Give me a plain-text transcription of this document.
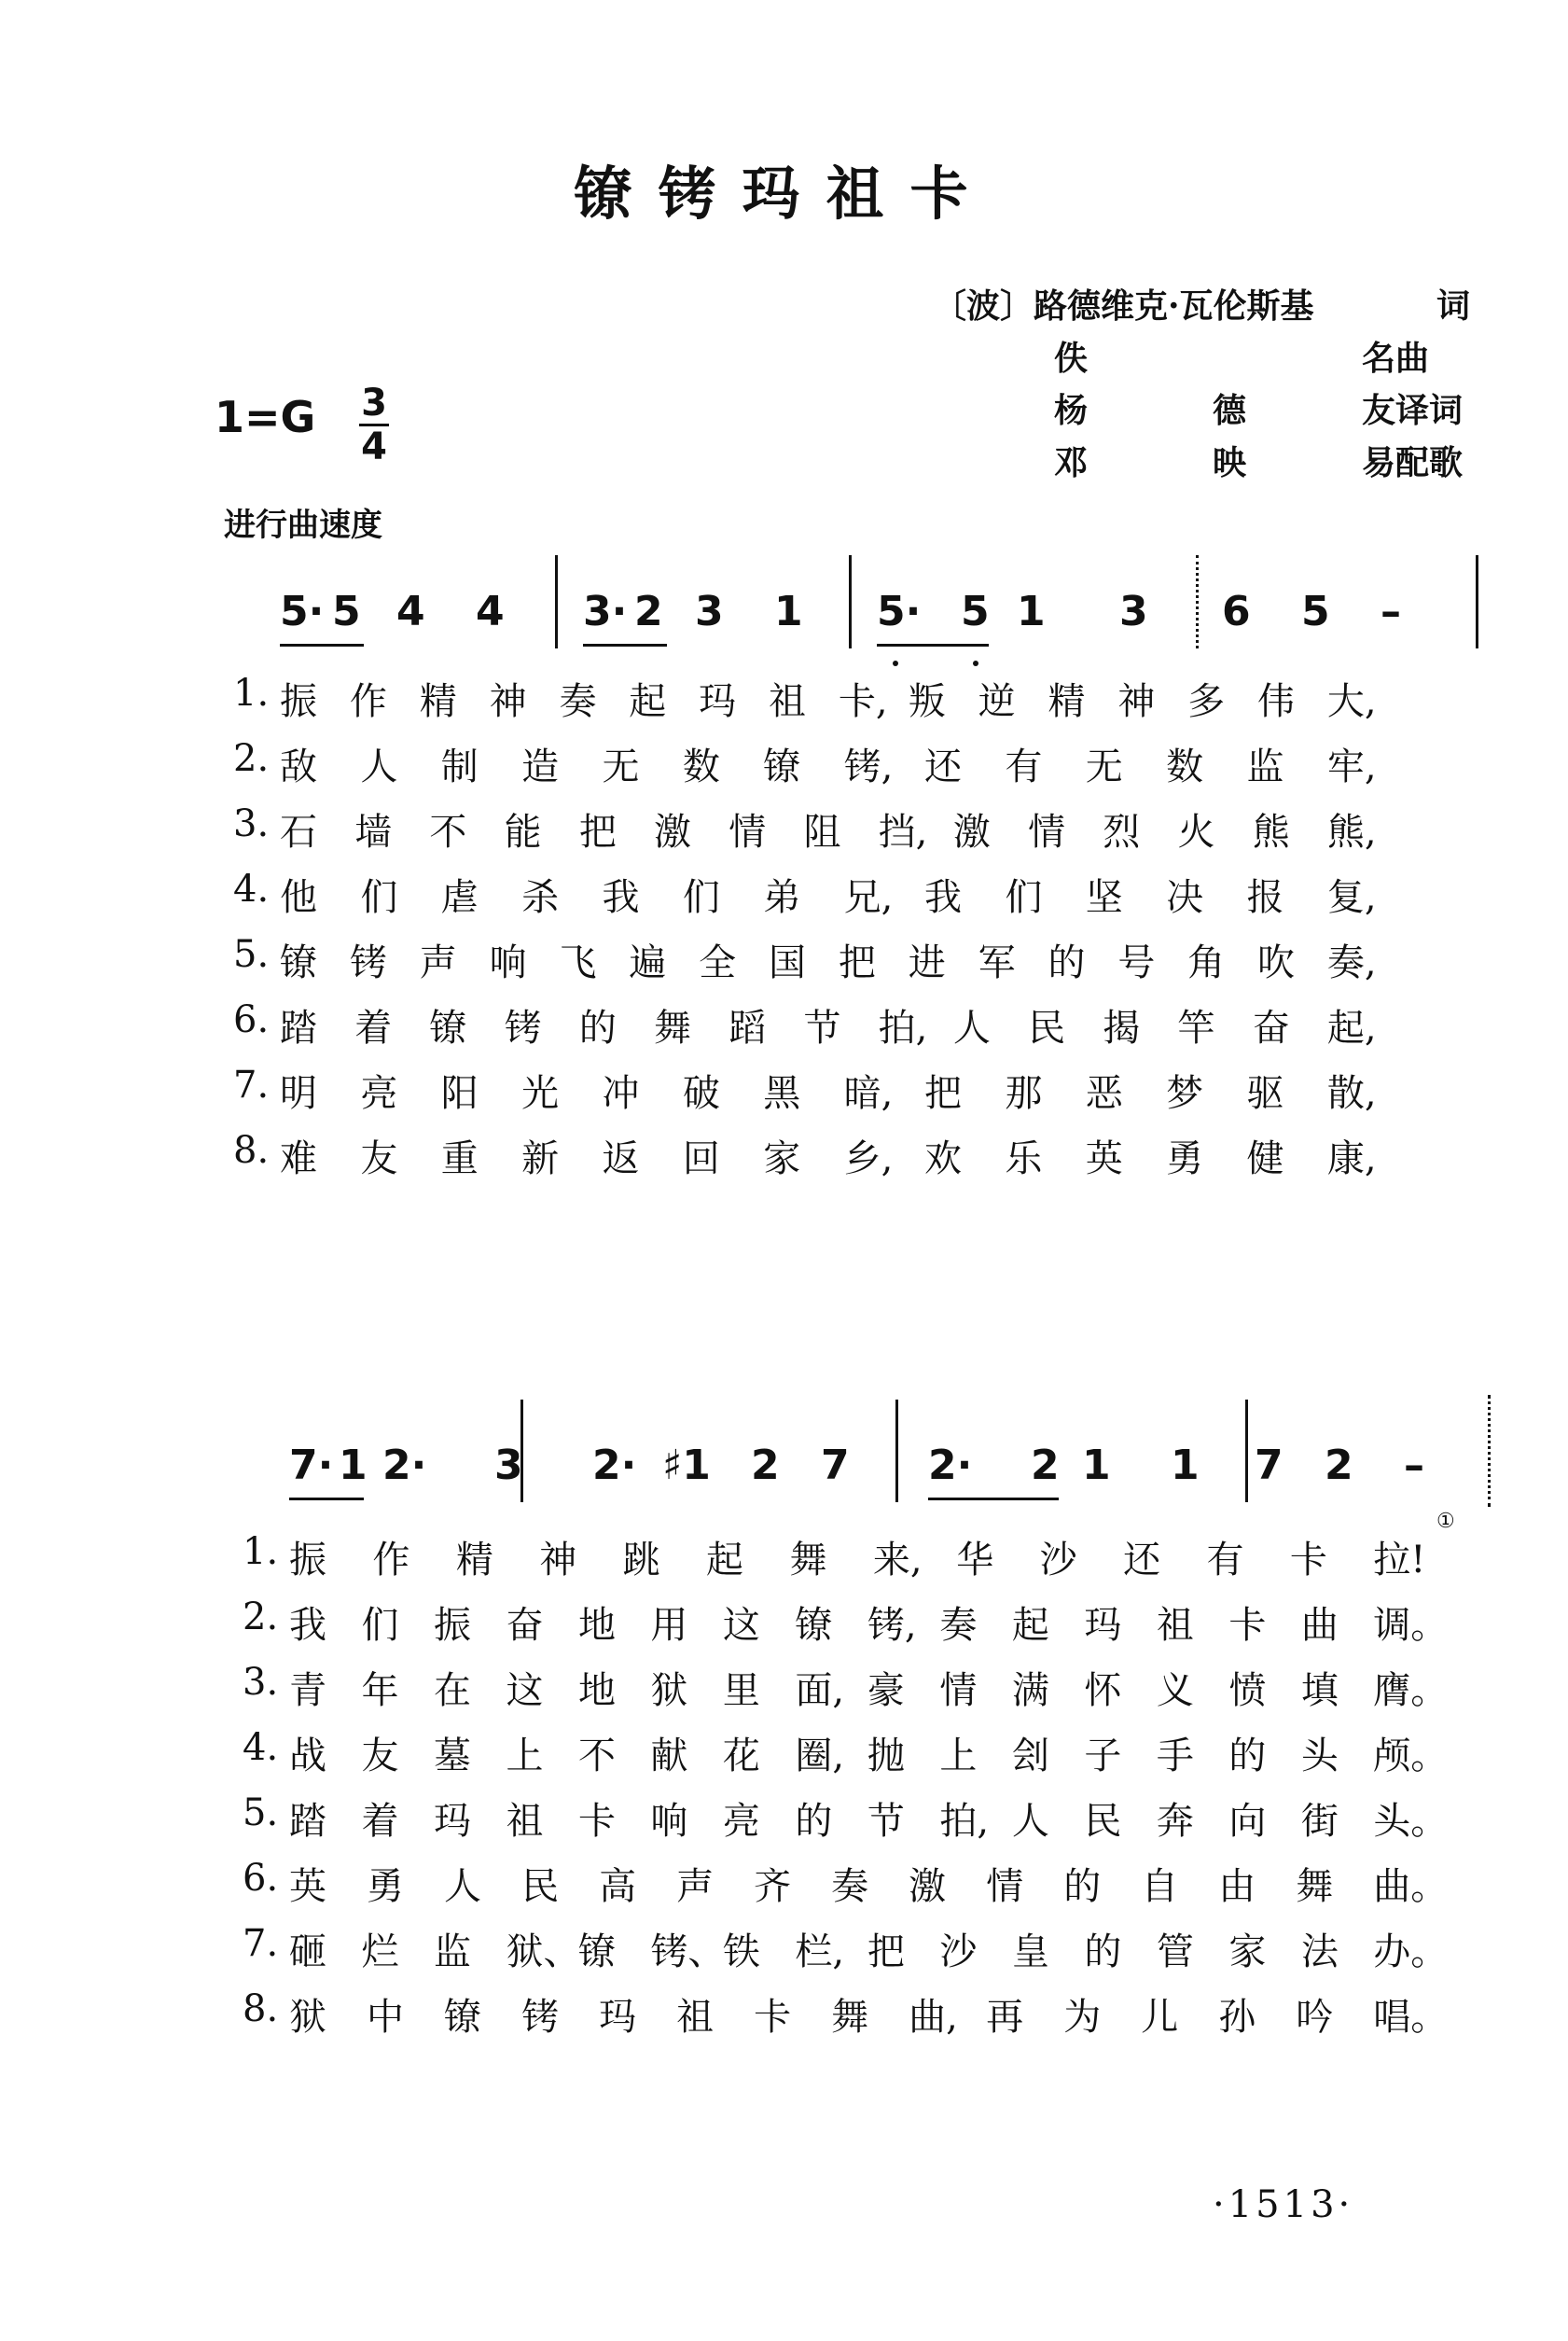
镣铐玛祖卡
〔波〕路德维克·瓦伦斯基	词
佚	名曲
杨	德	友译词
邓	映	易配歌
1=G 3
4
进行曲速度
5· 5 4 4 3· 2 3 1 5· 5 1 3 6 5 –
1. 振 作 精 神 奏 起 玛 祖 卡, 叛 逆 精 神 多 伟 大,
2. 敌 人 制 造 无 数 镣 铐, 还 有 无 数 监 牢,
3. 石 墙 不 能 把 激 情 阻 挡, 激 情 烈 火 熊 熊,
4. 他 们 虐 杀 我 们 弟 兄, 我 们 坚 决 报 复,
5. 镣 铐 声 响 飞 遍 全 国 把 进 军 的 号 角 吹 奏,
6. 踏 着 镣 铐 的 舞 蹈 节 拍, 人 民 揭 竿 奋 起,
7. 明 亮 阳 光 冲 破 黑 暗, 把 那 恶 梦 驱 散,
8. 难 友 重 新 返 回 家 乡, 欢 乐 英 勇 健 康,
7· 1 2· 3 2· ♯1 2 7 2· 2 1 1 7 2 –
1. 振 作 精 神 跳 起 舞 来, 华 沙 还 有 卡 拉!
①
2. 我 们 振 奋 地 用 这 镣 铐, 奏 起 玛 祖 卡 曲 调。
3. 青 年 在 这 地 狱 里 面, 豪 情 满 怀 义 愤 填 膺。
4. 战 友 墓 上 不 献 花 圈, 抛 上 刽 子 手 的 头 颅。
5. 踏 着 玛 祖 卡 响 亮 的 节 拍, 人 民 奔 向 街 头。
6. 英 勇 人 民 高 声 齐 奏 激 情 的 自 由 舞 曲。
7. 砸 烂 监 狱、
镣 铐、
铁 栏, 把 沙 皇 的 管 家 法 办。
8. 狱 中 镣 铐 玛 祖 卡 舞 曲, 再 为 儿 孙 吟 唱。
·1513·
